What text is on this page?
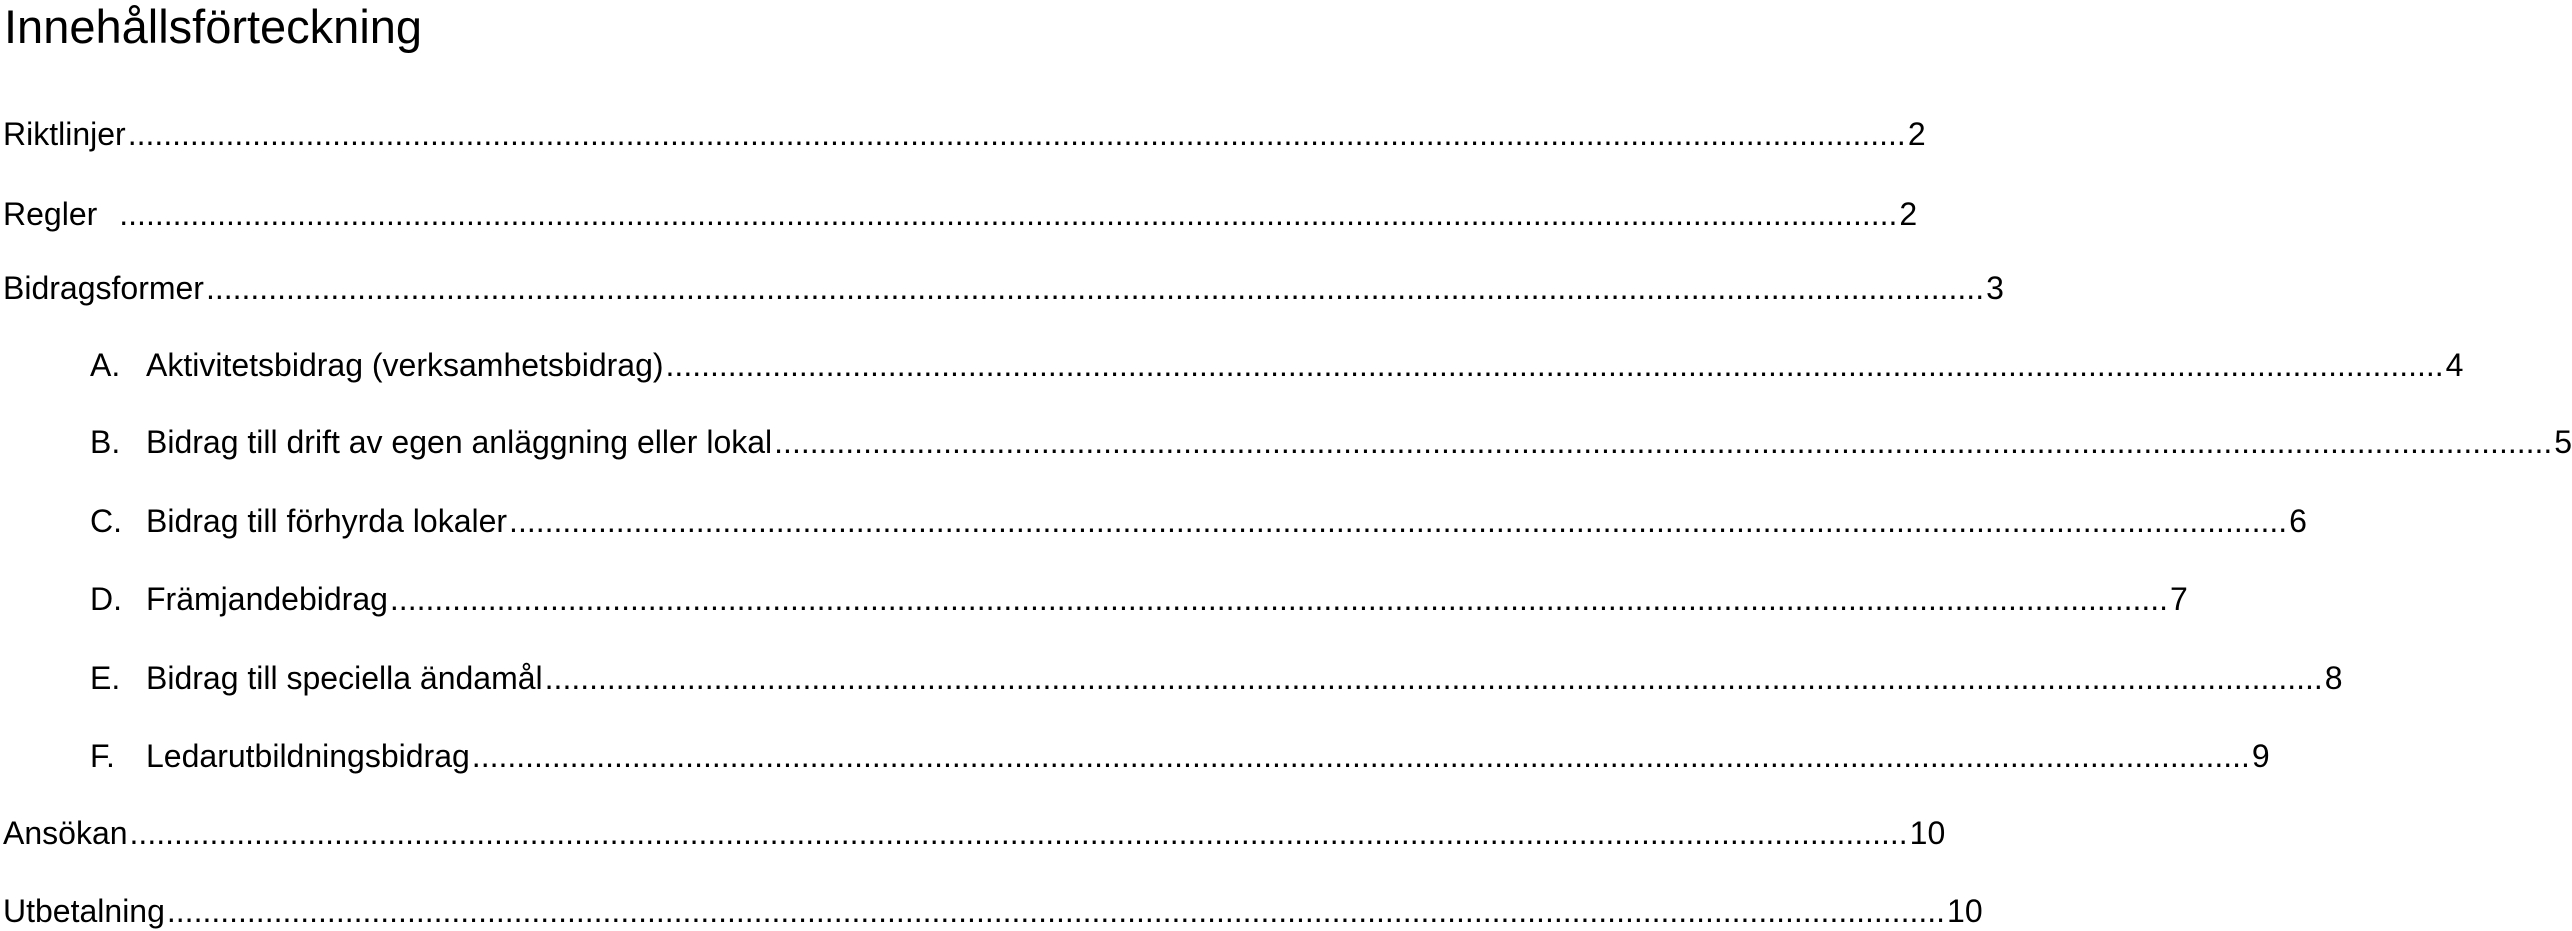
Innehållsförteckning
Riktlinjer ........................................................................................................................................................................................................ 2
Regler ........................................................................................................................................................................................................ 2
Bidragsformer ........................................................................................................................................................................................................ 3
A. Aktivitetsbidrag (verksamhetsbidrag) ........................................................................................................................................................................................................ 4
B. Bidrag till drift av egen anläggning eller lokal ........................................................................................................................................................................................................ 5
C. Bidrag till förhyrda lokaler ........................................................................................................................................................................................................ 6
D. Främjandebidrag ........................................................................................................................................................................................................ 7
E. Bidrag till speciella ändamål ........................................................................................................................................................................................................ 8
F. Ledarutbildningsbidrag ........................................................................................................................................................................................................ 9
Ansökan ........................................................................................................................................................................................................ 10
Utbetalning ........................................................................................................................................................................................................ 10
